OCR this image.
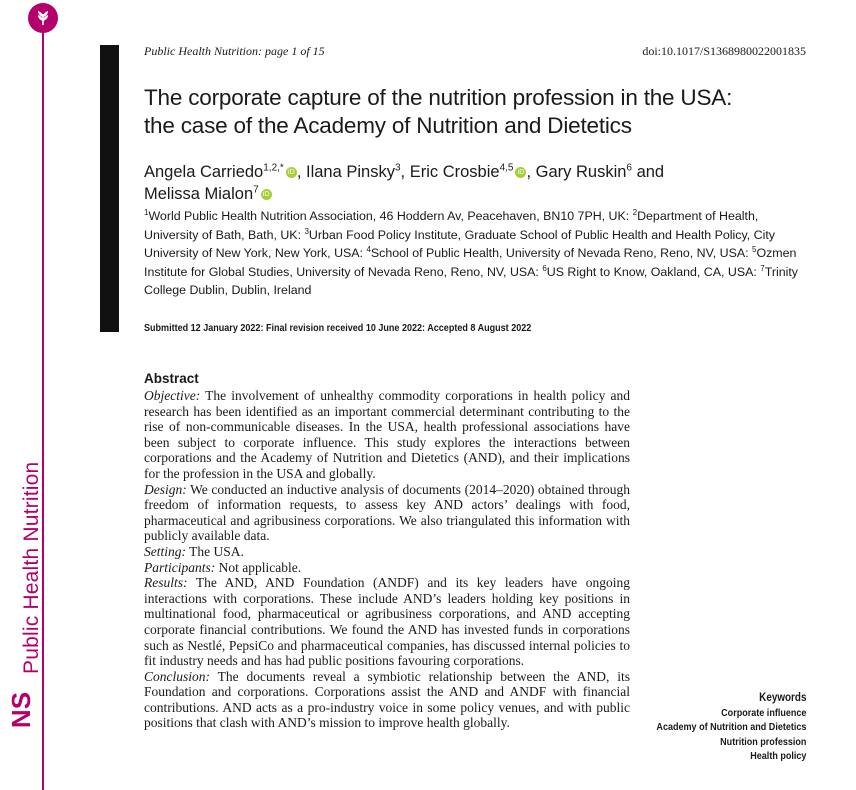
Public Health Nutrition
NS
Public Health Nutrition: page 1 of 15	doi:10.1017/S1368980022001835
The corporate capture of the nutrition profession in the USA:
the case of the Academy of Nutrition and Dietetics
Angela Carriedo$^{1,2,*}$ iD , Ilana Pinsky$^3$, Eric Crosbie$^{4,5}$ iD , Gary Ruskin$^6$ and
Melissa Mialon$^7$ iD
$^1$World Public Health Nutrition Association, 46 Hoddern Av, Peacehaven, BN10 7PH, UK: $^2$Department of Health, University of Bath, Bath, UK: $^3$Urban Food Policy Institute, Graduate School of Public Health and Health Policy, City University of New York, New York, USA: $^4$School of Public Health, University of Nevada Reno, Reno, NV, USA: $^5$Ozmen Institute for Global Studies, University of Nevada Reno, Reno, NV, USA: $^6$US Right to Know, Oakland, CA, USA: $^7$Trinity College Dublin, Dublin, Ireland
Submitted 12 January 2022: Final revision received 10 June 2022: Accepted 8 August 2022
Abstract

Objective: The involvement of unhealthy commodity corporations in health policy and research has been identified as an important commercial determinant contributing to the rise of non-communicable diseases. In the USA, health professional associations have been subject to corporate influence. This study explores the interactions between corporations and the Academy of Nutrition and Dietetics (AND), and their implications for the profession in the USA and globally.

Design: We conducted an inductive analysis of documents (2014–2020) obtained through freedom of information requests, to assess key AND actors’ dealings with food, pharmaceutical and agribusiness corporations. We also triangulated this information with publicly available data.

Setting: The USA.

Participants: Not applicable.

Results: The AND, AND Foundation (ANDF) and its key leaders have ongoing interactions with corporations. These include AND’s leaders holding key positions in multinational food, pharmaceutical or agribusiness corporations, and AND accepting corporate financial contributions. We found the AND has invested funds in corporations such as Nestlé, PepsiCo and pharmaceutical companies, has discussed internal policies to fit industry needs and has had public positions favouring corporations.

Conclusion: The documents reveal a symbiotic relationship between the AND, its Foundation and corporations. Corporations assist the AND and ANDF with financial contributions. AND acts as a pro-industry voice in some policy venues, and with public positions that clash with AND’s mission to improve health globally.

Keywords
Corporate influence
Academy of Nutrition and Dietetics
Nutrition profession
Health policy
